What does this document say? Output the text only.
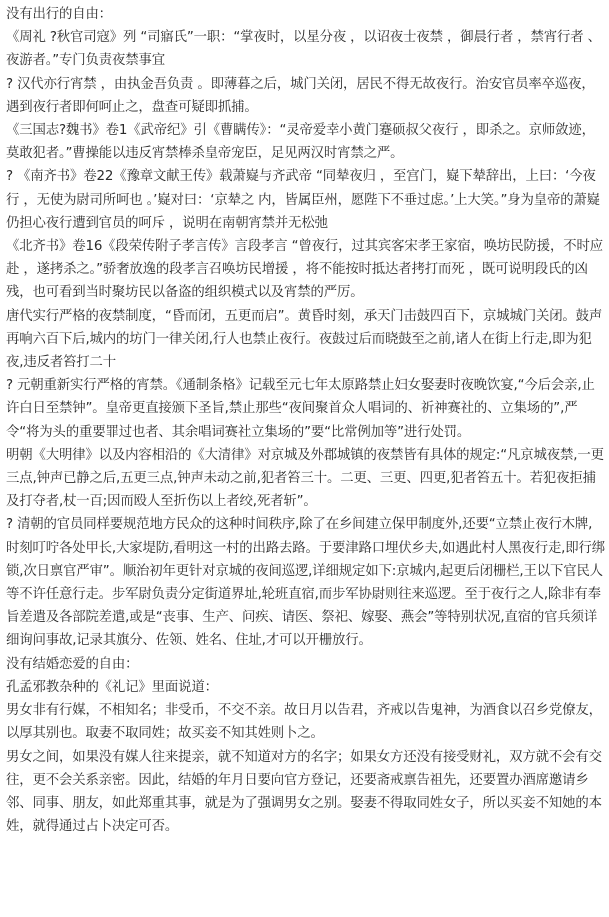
没有出行的自由：

《周礼 ?秋官司寇》列 “司寤氏”一职：“掌夜时，以星分夜 ，以诏夜士夜禁 ，御晨行者 ，禁宵行者 、夜游者。”专门负责夜禁事宜

? 汉代亦行宵禁 ，由执金吾负责 。即薄暮之后，城门关闭，居民不得无故夜行。治安官员率卒巡夜，遇到夜行者即何呵止之，盘查可疑即抓捕。

《三国志?魏书》卷1《武帝纪》引《曹瞒传》：“灵帝爱幸小黄门蹇硕叔父夜行 ，即杀之。京师敛迹，莫敢犯者。”曹操能以违反宵禁棒杀皇帝宠臣，足见两汉时宵禁之严。

? 《南齐书》卷22《豫章文献王传》载萧嶷与齐武帝 “同辇夜归 ，至宫门，嶷下辇辞出，上曰：‘今夜行 ，无使为尉司所呵也 。’嶷对曰：‘京辇之 内，皆属臣州，愿陛下不垂过虑。’上大笑。”身为皇帝的萧嶷仍担心夜行遭到官员的呵斥 ，说明在南朝宵禁并无松弛

《北齐书》卷16《段荣传附子孝言传》言段孝言 “曾夜行，过其宾客宋孝王家宿，唤坊民防援，不时应赴 ，遂拷杀之。”骄奢放逸的段孝言召唤坊民增援 ，将不能按时抵达者拷打而死 ，既可说明段氏的凶残，也可看到当时聚坊民以备盗的组织模式以及宵禁的严厉。

唐代实行严格的夜禁制度，“昏而闭，五更而启”。黄昏时刻，承天门击鼓四百下，京城城门关闭。鼓声再响六百下后,城内的坊门一律关闭,行人也禁止夜行。夜鼓过后而晓鼓至之前,诸人在街上行走,即为犯夜,违反者笞打二十

? 元朝重新实行严格的宵禁。《通制条格》记载至元七年太原路禁止妇女娶妻时夜晚饮宴,“今后会亲,止许白日至禁钟”。皇帝更直接颁下圣旨,禁止那些“夜间聚首众人唱词的、祈神赛社的、立集场的”,严令“将为头的重要罪过也者、其余唱词赛社立集场的”要“比常例加等”进行处罚。

明朝《大明律》以及内容相沿的《大清律》对京城及外郡城镇的夜禁皆有具体的规定:“凡京城夜禁,一更三点,钟声已静之后,五更三点,钟声未动之前,犯者笞三十。二更、三更、四更,犯者笞五十。若犯夜拒捕及打夺者,杖一百;因而殴人至折伤以上者绞,死者斩”。

? 清朝的官员同样要规范地方民众的这种时间秩序,除了在乡间建立保甲制度外,还要“立禁止夜行木牌,时刻叮咛各处甲长,大家堤防,看明这一村的出路去路。于要津路口埋伏乡夫,如遇此村人黑夜行走,即行绑锁,次日禀官严审”。顺治初年更针对京城的夜间巡逻,详细规定如下:京城内,起更后闭栅栏,王以下官民人等不许任意行走。步军尉负责分定街道界址,轮班直宿,而步军协尉则往来巡逻。至于夜行之人,除非有奉旨差遣及各部院差遣,或是“丧事、生产、问疾、请医、祭祀、嫁娶、燕会”等特别状况,直宿的官兵须详细询问事故,记录其旗分、佐领、姓名、住址,才可以开栅放行。

没有结婚恋爱的自由：

孔孟邪教杂种的《礼记》里面说道：

男女非有行媒，不相知名；非受币，不交不亲。故日月以告君，齐戒以告鬼神，为酒食以召乡党僚友，以厚其别也。取妻不取同姓；故买妾不知其姓则卜之。

男女之间，如果没有媒人往来提亲，就不知道对方的名字；如果女方还没有接受财礼，双方就不会有交往，更不会关系亲密。因此，结婚的年月日要向官方登记，还要斋戒禀告祖先，还要置办酒席邀请乡邻、同事、朋友，如此郑重其事，就是为了强调男女之别。娶妻不得取同姓女子，所以买妾不知她的本姓，就得通过占卜决定可否。
